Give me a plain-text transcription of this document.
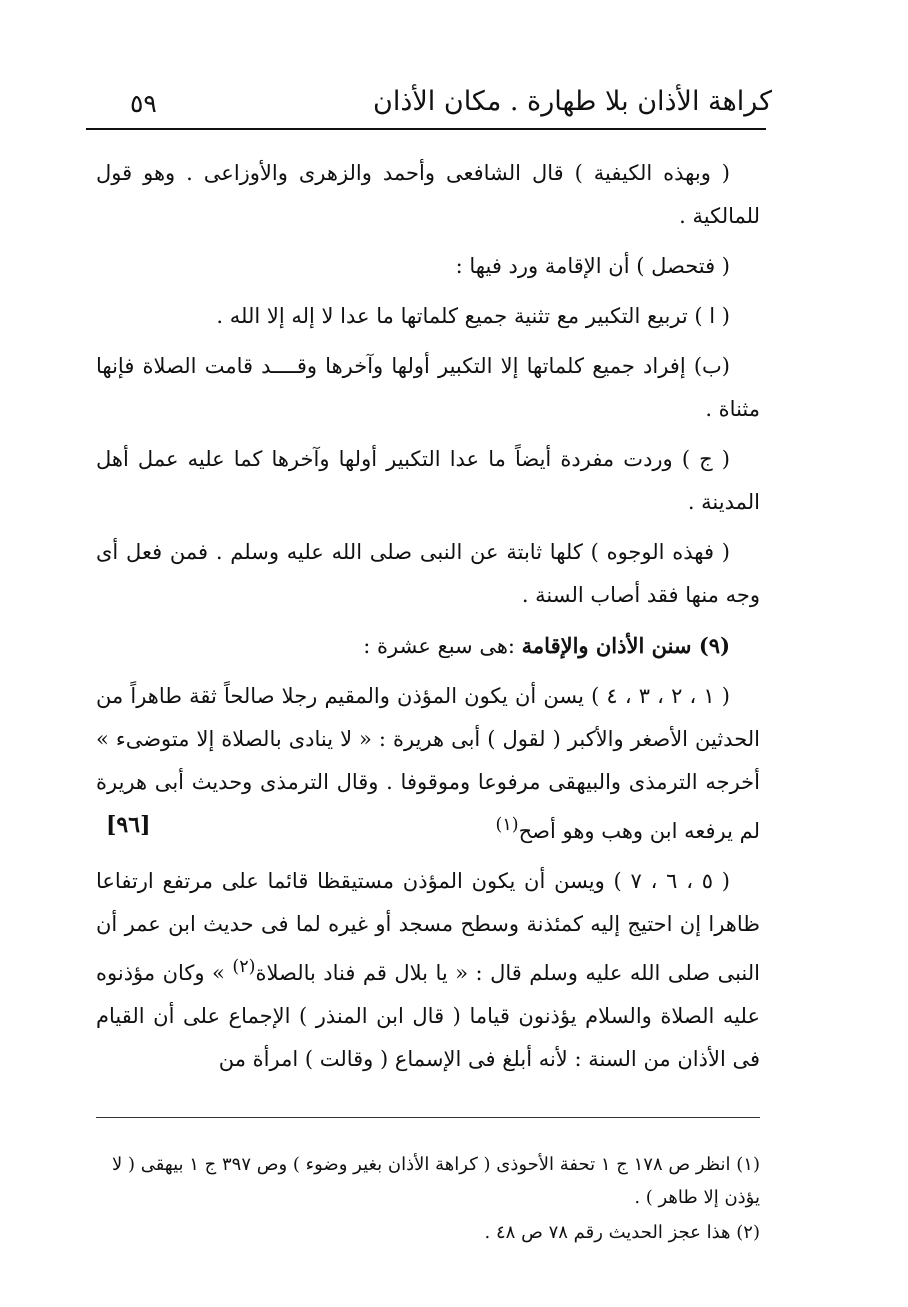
كراهة الأذان بلا طهارة . مكان الأذان
٥٩

( وبهذه الكيفية ) قال الشافعى وأحمد والزهرى والأوزاعى . وهو قول للمالكية .

( فتحصل ) أن الإقامة ورد فيها :

( ا ) تربيع التكبير مع تثنية جميع كلماتها ما عدا لا إله إلا الله .

(ب) إفراد جميع كلماتها إلا التكبير أولها وآخرها وقــــد قامت الصلاة فإنها مثناة .

( ج ) وردت مفردة أيضاً ما عدا التكبير أولها وآخرها كما عليه عمل أهل المدينة .

( فهذه الوجوه ) كلها ثابتة عن النبى صلى الله عليه وسلم . فمن فعل أى وجه منها فقد أصاب السنة .

(٩) سنن الأذان والإقامة :هى سبع عشرة :

( ١ ، ٢ ، ٣ ، ٤ ) يسن أن يكون المؤذن والمقيم رجلا صالحاً ثقة طاهراً من الحدثين الأصغر والأكبر ( لقول ) أبى هريرة : « لا ينادى بالصلاة إلا متوضىء » أخرجه الترمذى والبيهقى مرفوعا وموقوفا . وقال الترمذى وحديث أبى هريرة لم يرفعه ابن وهب وهو أصح$^{(١)}$
[٩٦]

( ٥ ، ٦ ، ٧ ) ويسن أن يكون المؤذن مستيقظا قائما على مرتفع ارتفاعا ظاهرا إن احتيج إليه كمئذنة وسطح مسجد أو غيره لما فى حديث ابن عمر أن النبى صلى الله عليه وسلم قال : « يا بلال قم فناد بالصلاة$^{(٢)}$ » وكان مؤذنوه عليه الصلاة والسلام يؤذنون قياما ( قال ابن المنذر ) الإجماع على أن القيام فى الأذان من السنة : لأنه أبلغ فى الإسماع ( وقالت ) امرأة من

(١) انظر ص ١٧٨ ج ١ تحفة الأحوذى ( كراهة الأذان بغير وضوء ) وص ٣٩٧ ج ١ بيهقى ( لا يؤذن إلا طاهر ) .

(٢) هذا عجز الحديث رقم ٧٨ ص ٤٨ .
